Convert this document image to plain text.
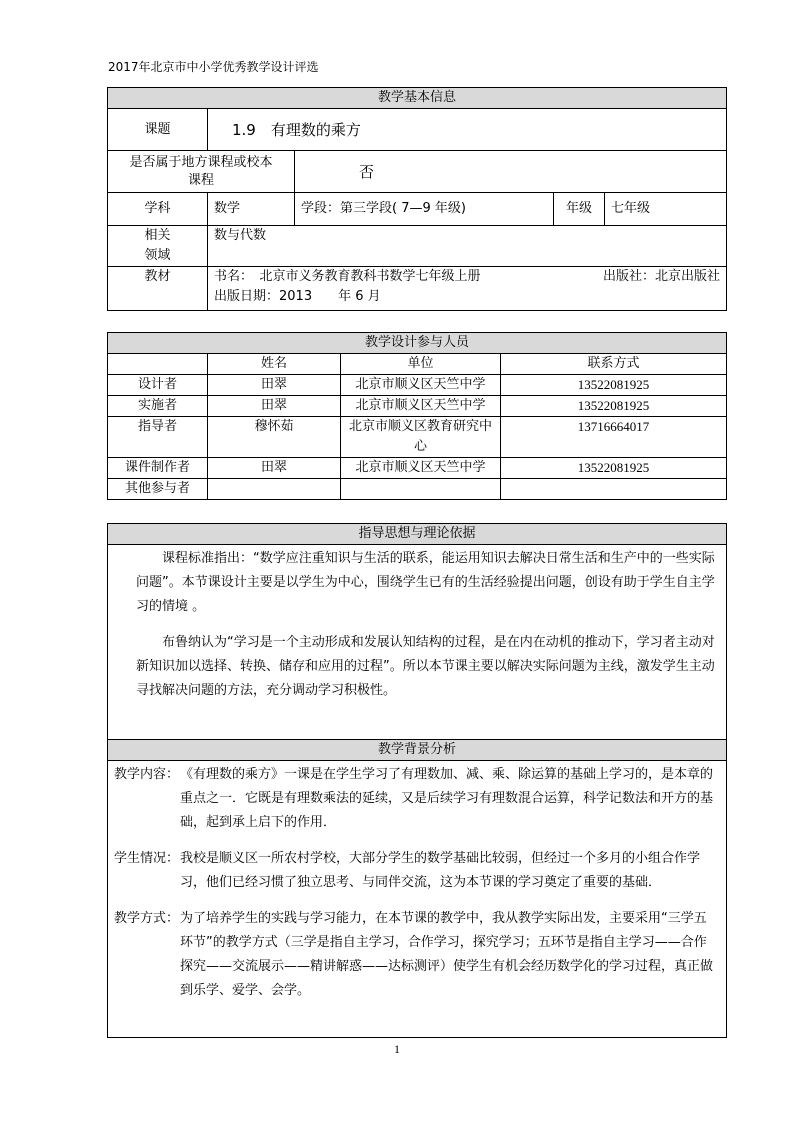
2017年北京市中小学优秀教学设计评选
教学基本信息				
课题	1.9　有理数的乘方			
是否属于地方课程或校本课程		否		
学科	数学	学段：第三学段( 7—9 年级)	年级	七年级
相关领域	数与代数			
教材	书名：　北京市义务教育教科书数学七年级上册 出版社：北京出版社
出版日期：2013　　年 6 月			
教学设计参与人员			
	姓名	单位	联系方式
设计者	田翠	北京市顺义区天竺中学	13522081925
实施者	田翠	北京市顺义区天竺中学	13522081925
指导者	穆怀茹	北京市顺义区教育研究中心	13716664017
课件制作者	田翠	北京市顺义区天竺中学	13522081925
其他参与者			
指导思想与理论依据

课程标准指出：“数学应注重知识与生活的联系，能运用知识去解决日常生活和生产中的一些实际问题”。本节课设计主要是以学生为中心，围绕学生已有的生活经验提出问题，创设有助于学生自主学习的情境 。
布鲁纳认为“学习是一个主动形成和发展认知结构的过程，是在内在动机的推动下，学习者主动对新知识加以选择、转换、储存和应用的过程”。所以本节课主要以解决实际问题为主线，激发学生主动寻找解决问题的方法，充分调动学习积极性。

教学背景分析

教学内容： 《有理数的乘方》一课是在学生学习了有理数加、减、乘、除运算的基础上学习的，是本章的重点之一．它既是有理数乘法的延续，又是后续学习有理数混合运算，科学记数法和开方的基础，起到承上启下的作用．
学生情况： 我校是顺义区一所农村学校，大部分学生的数学基础比较弱，但经过一个多月的小组合作学习，他们已经习惯了独立思考、与同伴交流，这为本节课的学习奠定了重要的基础．
教学方式： 为了培养学生的实践与学习能力，在本节课的教学中，我从教学实际出发，主要采用“三学五环节”的教学方式（三学是指自主学习，合作学习，探究学习；五环节是指自主学习——合作探究——交流展示——精讲解惑——达标测评）使学生有机会经历数学化的学习过程，真正做到乐学、爱学、会学。
1
